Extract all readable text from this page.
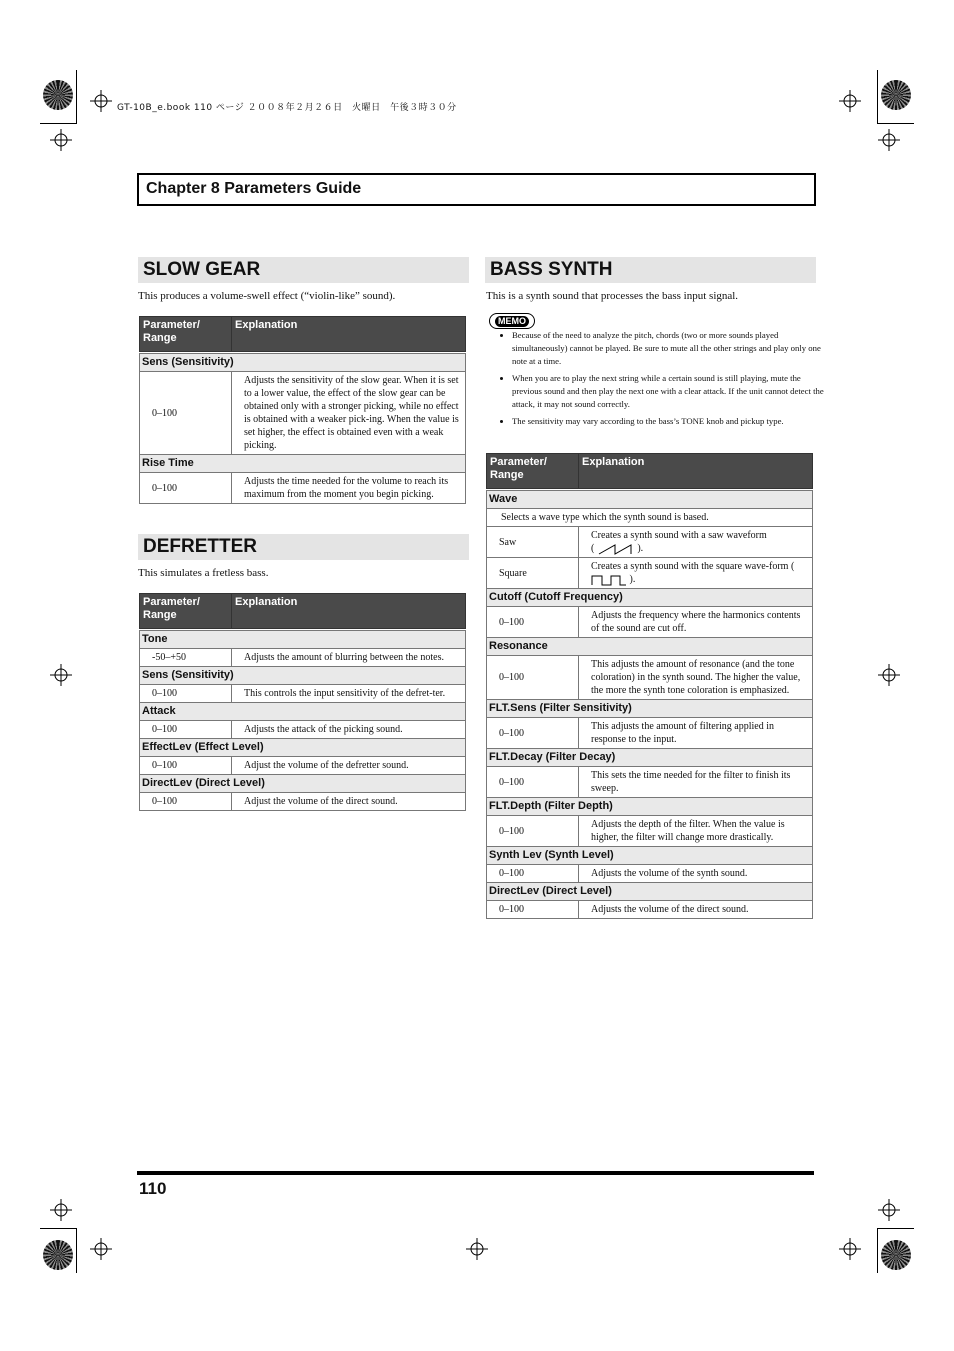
GT-10B_e.book 110 ページ ２００８年２月２６日　火曜日　午後３時３０分
Chapter 8 Parameters Guide
SLOW GEAR
This produces a volume-swell effect (“violin-like” sound).
Parameter/
Range	Explanation

Sens (Sensitivity)	
0–100	Adjusts the sensitivity of the slow gear. When it is set to a lower value, the effect of the slow gear can be obtained only with a stronger picking, while no effect is obtained with a weaker pick-ing. When the value is set higher, the effect is obtained even with a weak picking.
Rise Time	
0–100	Adjusts the time needed for the volume to reach its maximum from the moment you begin picking.
DEFRETTER
This simulates a fretless bass.
Parameter/
Range	Explanation

Tone	
-50–+50	Adjusts the amount of blurring between the notes.
Sens (Sensitivity)	
0–100	This controls the input sensitivity of the defret-ter.
Attack	
0–100	Adjusts the attack of the picking sound.
EffectLev (Effect Level)	
0–100	Adjust the volume of the defretter sound.
DirectLev (Direct Level)	
0–100	Adjust the volume of the direct sound.
BASS SYNTH
This is a synth sound that processes the bass input signal.
MEMO
• Because of the need to analyze the pitch, chords (two or more sounds played simultaneously) cannot be played. Be sure to mute all the other strings and play only one note at a time.
• When you are to play the next string while a certain sound is still playing, mute the previous sound and then play the next one with a clear attack. If the unit cannot detect the attack, it may not sound correctly.
• The sensitivity may vary according to the bass’s TONE knob and pickup type.
Parameter/
Range	Explanation

Wave	
Selects a wave type which the synth sound is based.	
Saw	Creates a synth sound with a saw waveform
( ).
Square	Creates a synth sound with the square wave-form (  ).
Cutoff (Cutoff Frequency)	
0–100	Adjusts the frequency where the harmonics contents of the sound are cut off.
Resonance	
0–100	This adjusts the amount of resonance (and the tone coloration) in the synth sound. The higher the value, the more the synth tone coloration is emphasized.
FLT.Sens (Filter Sensitivity)	
0–100	This adjusts the amount of filtering applied in response to the input.
FLT.Decay (Filter Decay)	
0–100	This sets the time needed for the filter to finish its sweep.
FLT.Depth (Filter Depth)	
0–100	Adjusts the depth of the filter. When the value is higher, the filter will change more drastically.
Synth Lev (Synth Level)	
0–100	Adjusts the volume of the synth sound.
DirectLev (Direct Level)	
0–100	Adjusts the volume of the direct sound.
110
